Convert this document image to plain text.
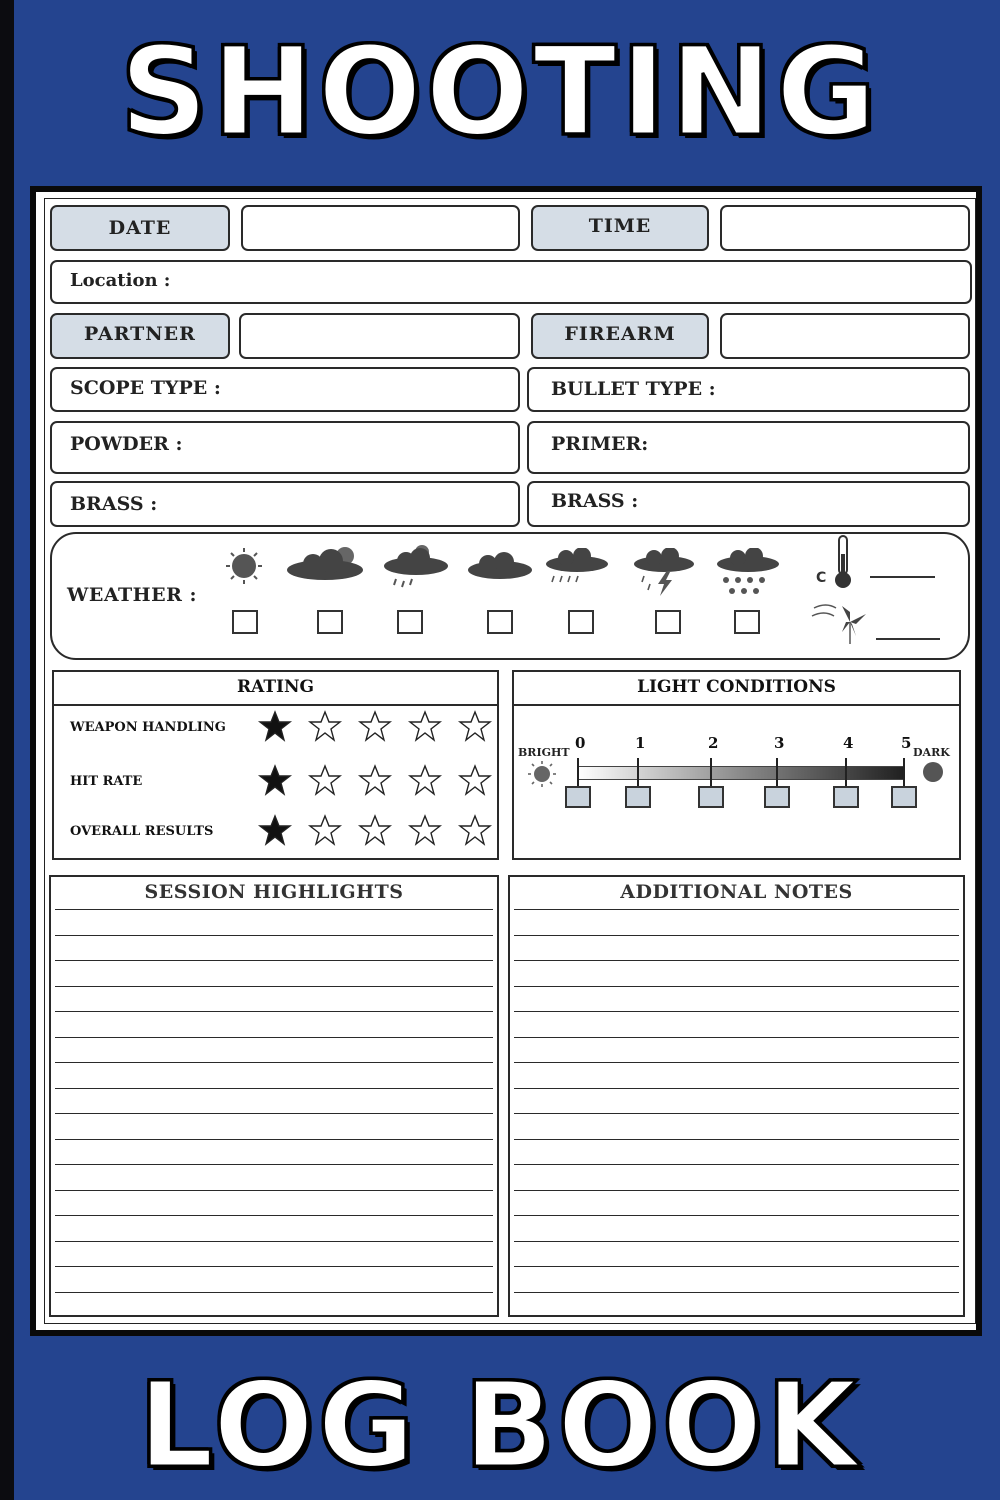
SHOOTING
DATE	TIME
Location :
PARTNER	FIREARM
SCOPE TYPE :	BULLET TYPE :
POWDER :	PRIMER:
BRASS :	BRASS :
WEATHER :
C
RATING
WEAPON HANDLING
HIT RATE
OVERALL RESULTS
LIGHT CONDITIONS
BRIGHT	DARK
0	1	2	3	4	5
SESSION HIGHLIGHTS	ADDITIONAL NOTES
LOG BOOK
